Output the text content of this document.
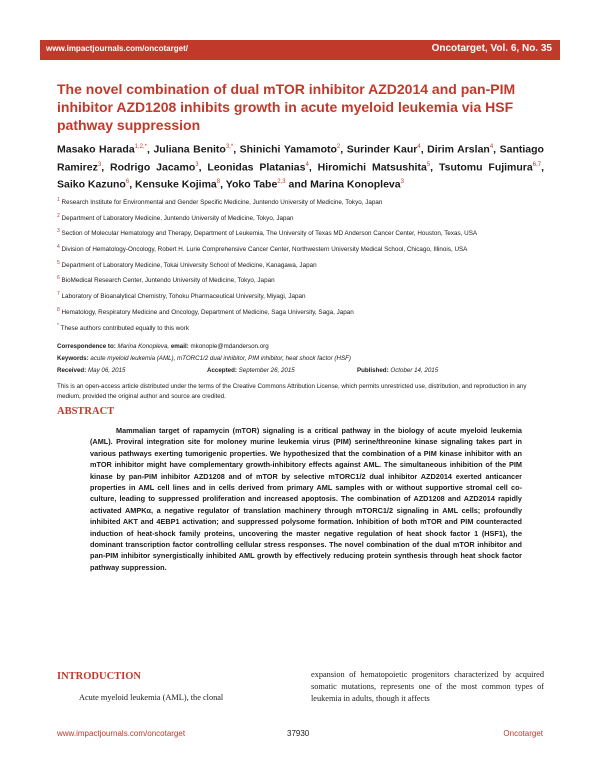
www.impactjournals.com/oncotarget/	Oncotarget, Vol. 6, No. 35
The novel combination of dual mTOR inhibitor AZD2014 and pan-PIM inhibitor AZD1208 inhibits growth in acute myeloid leukemia via HSF pathway suppression

Masako Harada$^{1,2,*}$, Juliana Benito$^{3,*}$, Shinichi Yamamoto$^2$, Surinder Kaur$^4$, Dirim Arslan$^4$, Santiago Ramirez$^3$, Rodrigo Jacamo$^3$, Leonidas Platanias$^4$, Hiromichi Matsushita$^5$, Tsutomu Fujimura$^{6,7}$, Saiko Kazuno$^6$, Kensuke Kojima$^8$, Yoko Tabe$^{2,3}$ and Marina Konopleva$^3$

$^1$ Research Institute for Environmental and Gender Specific Medicine, Juntendo University of Medicine, Tokyo, Japan
$^2$ Department of Laboratory Medicine, Juntendo University of Medicine, Tokyo, Japan
$^3$ Section of Molecular Hematology and Therapy, Department of Leukemia, The University of Texas MD Anderson Cancer Center, Houston, Texas, USA
$^4$ Division of Hematology-Oncology, Robert H. Lurie Comprehensive Cancer Center, Northwestern University Medical School, Chicago, Illinois, USA
$^5$ Department of Laboratory Medicine, Tokai University School of Medicine, Kanagawa, Japan
$^6$ BioMedical Research Center, Juntendo University of Medicine, Tokyo, Japan
$^7$ Laboratory of Bioanalytical Chemistry, Tohoku Pharmaceutical University, Miyagi, Japan
$^8$ Hematology, Respiratory Medicine and Oncology, Department of Medicine, Saga University, Saga, Japan
* These authors contributed equally to this work
Correspondence to: Marina Konopleva, email: mkonople@mdanderson.org
Keywords: acute myeloid leukemia (AML), mTORC1/2 dual inhibitor, PIM inhibitor, heat shock factor (HSF)
Received: May 06, 2015	Accepted: September 26, 2015	Published: October 14, 2015

This is an open-access article distributed under the terms of the Creative Commons Attribution License, which permits unrestricted use, distribution, and reproduction in any medium, provided the original author and source are credited.

ABSTRACT

Mammalian target of rapamycin (mTOR) signaling is a critical pathway in the biology of acute myeloid leukemia (AML). Proviral integration site for moloney murine leukemia virus (PIM) serine/threonine kinase signaling takes part in various pathways exerting tumorigenic properties. We hypothesized that the combination of a PIM kinase inhibitor with an mTOR inhibitor might have complementary growth-inhibitory effects against AML. The simultaneous inhibition of the PIM kinase by pan-PIM inhibitor AZD1208 and of mTOR by selective mTORC1/2 dual inhibitor AZD2014 exerted anticancer properties in AML cell lines and in cells derived from primary AML samples with or without supportive stromal cell co-culture, leading to suppressed proliferation and increased apoptosis. The combination of AZD1208 and AZD2014 rapidly activated AMPKα, a negative regulator of translation machinery through mTORC1/2 signaling in AML cells; profoundly inhibited AKT and 4EBP1 activation; and suppressed polysome formation. Inhibition of both mTOR and PIM counteracted induction of heat-shock family proteins, uncovering the master negative regulation of heat shock factor 1 (HSF1), the dominant transcription factor controlling cellular stress responses. The novel combination of the dual mTOR inhibitor and pan-PIM inhibitor synergistically inhibited AML growth by effectively reducing protein synthesis through heat shock factor pathway suppression.

INTRODUCTION

Acute myeloid leukemia (AML), the clonal

expansion of hematopoietic progenitors characterized by acquired somatic mutations, represents one of the most common types of leukemia in adults, though it affects

www.impactjournals.com/oncotarget	37930	Oncotarget
